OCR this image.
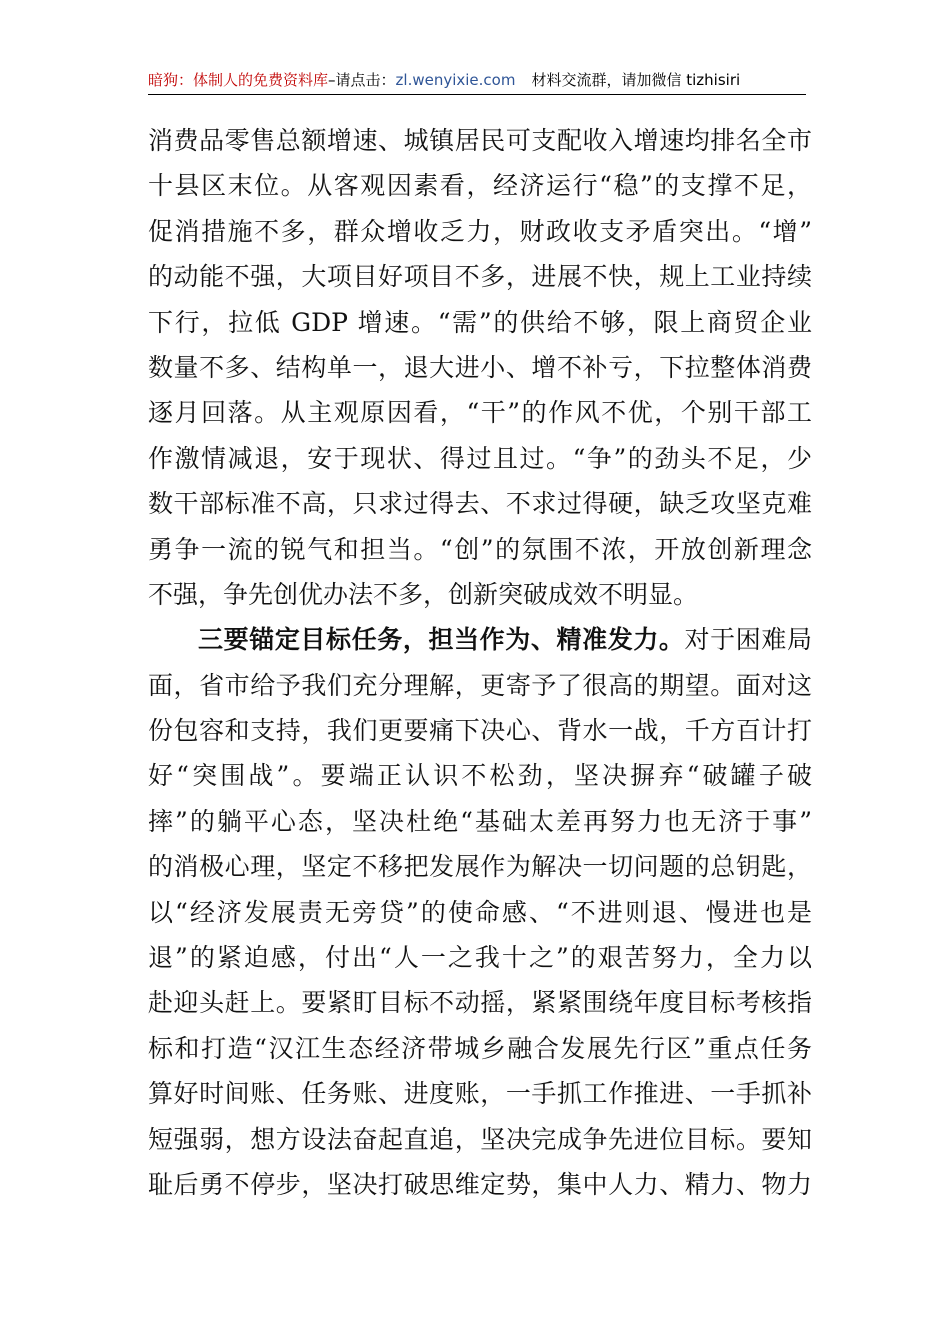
暗狗：体制人的免费资料库–请点击：zl.wenyixie.com 材料交流群，请加微信 tizhisiri
消费品零售总额增速、城镇居民可支配收入增速均排名全市
十县区末位。从客观因素看，经济运行“稳”的支撑不足，
促消措施不多，群众增收乏力，财政收支矛盾突出。“增”
的动能不强，大项目好项目不多，进展不快，规上工业持续
下行，拉低 GDP 增速。“需”的供给不够，限上商贸企业
数量不多、结构单一，退大进小、增不补亏，下拉整体消费
逐月回落。从主观原因看，“干”的作风不优，个别干部工
作激情减退，安于现状、得过且过。“争”的劲头不足，少
数干部标准不高，只求过得去、不求过得硬，缺乏攻坚克难
勇争一流的锐气和担当。“创”的氛围不浓，开放创新理念
不强，争先创优办法不多，创新突破成效不明显。
三要锚定目标任务，担当作为、精准发力。对于困难局
面，省市给予我们充分理解，更寄予了很高的期望。面对这
份包容和支持，我们更要痛下决心、背水一战，千方百计打
好“突围战”。要端正认识不松劲，坚决摒弃“破罐子破
摔”的躺平心态，坚决杜绝“基础太差再努力也无济于事”
的消极心理，坚定不移把发展作为解决一切问题的总钥匙，
以“经济发展责无旁贷”的使命感、“不进则退、慢进也是
退”的紧迫感，付出“人一之我十之”的艰苦努力，全力以
赴迎头赶上。要紧盯目标不动摇，紧紧围绕年度目标考核指
标和打造“汉江生态经济带城乡融合发展先行区”重点任务
算好时间账、任务账、进度账，一手抓工作推进、一手抓补
短强弱，想方设法奋起直追，坚决完成争先进位目标。要知
耻后勇不停步，坚决打破思维定势，集中人力、精力、物力
